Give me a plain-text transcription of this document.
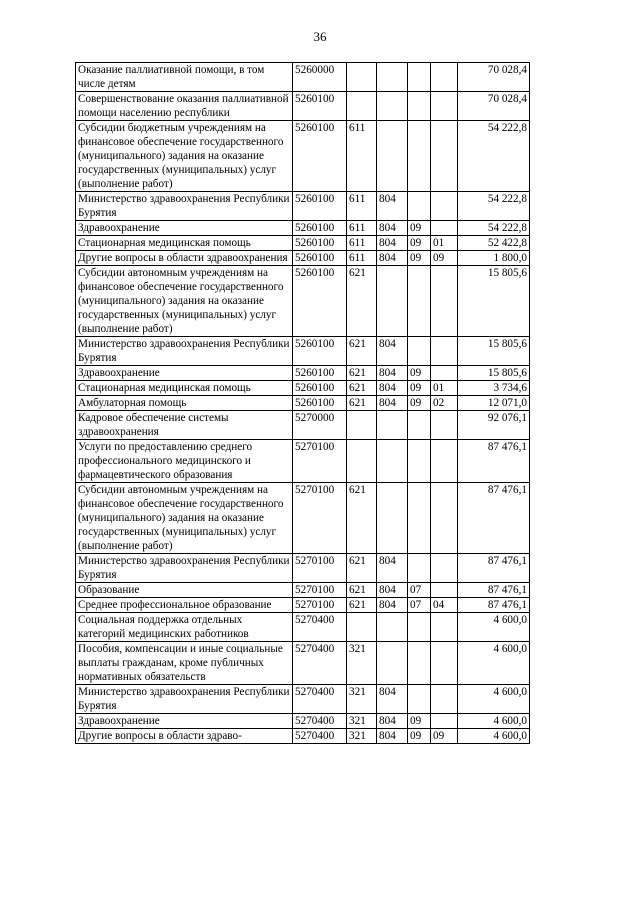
36
Оказание паллиативной помощи, в том числе детям	5260000					70 028,4
Совершенствование оказания паллиативной помощи населению республики	5260100					70 028,4
Субсидии бюджетным учреждениям на финансовое обеспечение государственного (муниципального) задания на оказание государственных (муниципальных) услуг (выполнение работ)	5260100	611				54 222,8
Министерство здравоохранения Республики Бурятия	5260100	611	804			54 222,8
Здравоохранение	5260100	611	804	09		54 222,8
Стационарная медицинская помощь	5260100	611	804	09	01	52 422,8
Другие вопросы в области здравоохранения	5260100	611	804	09	09	1 800,0
Субсидии автономным учреждениям на финансовое обеспечение государственного (муниципального) задания на оказание государственных (муниципальных) услуг (выполнение работ)	5260100	621				15 805,6
Министерство здравоохранения Республики Бурятия	5260100	621	804			15 805,6
Здравоохранение	5260100	621	804	09		15 805,6
Стационарная медицинская помощь	5260100	621	804	09	01	3 734,6
Амбулаторная помощь	5260100	621	804	09	02	12 071,0
Кадровое обеспечение системы здравоохранения	5270000					92 076,1
Услуги по предоставлению среднего профессионального медицинского и фармацевтического образования	5270100					87 476,1
Субсидии автономным учреждениям на финансовое обеспечение государственного (муниципального) задания на оказание государственных (муниципальных) услуг (выполнение работ)	5270100	621				87 476,1
Министерство здравоохранения Республики Бурятия	5270100	621	804			87 476,1
Образование	5270100	621	804	07		87 476,1
Среднее профессиональное образование	5270100	621	804	07	04	87 476,1
Социальная поддержка отдельных категорий медицинских работников	5270400					4 600,0
Пособия, компенсации и иные социальные выплаты гражданам, кроме публичных нормативных обязательств	5270400	321				4 600,0
Министерство здравоохранения Республики Бурятия	5270400	321	804			4 600,0
Здравоохранение	5270400	321	804	09		4 600,0
Другие вопросы в области здраво-	5270400	321	804	09	09	4 600,0
